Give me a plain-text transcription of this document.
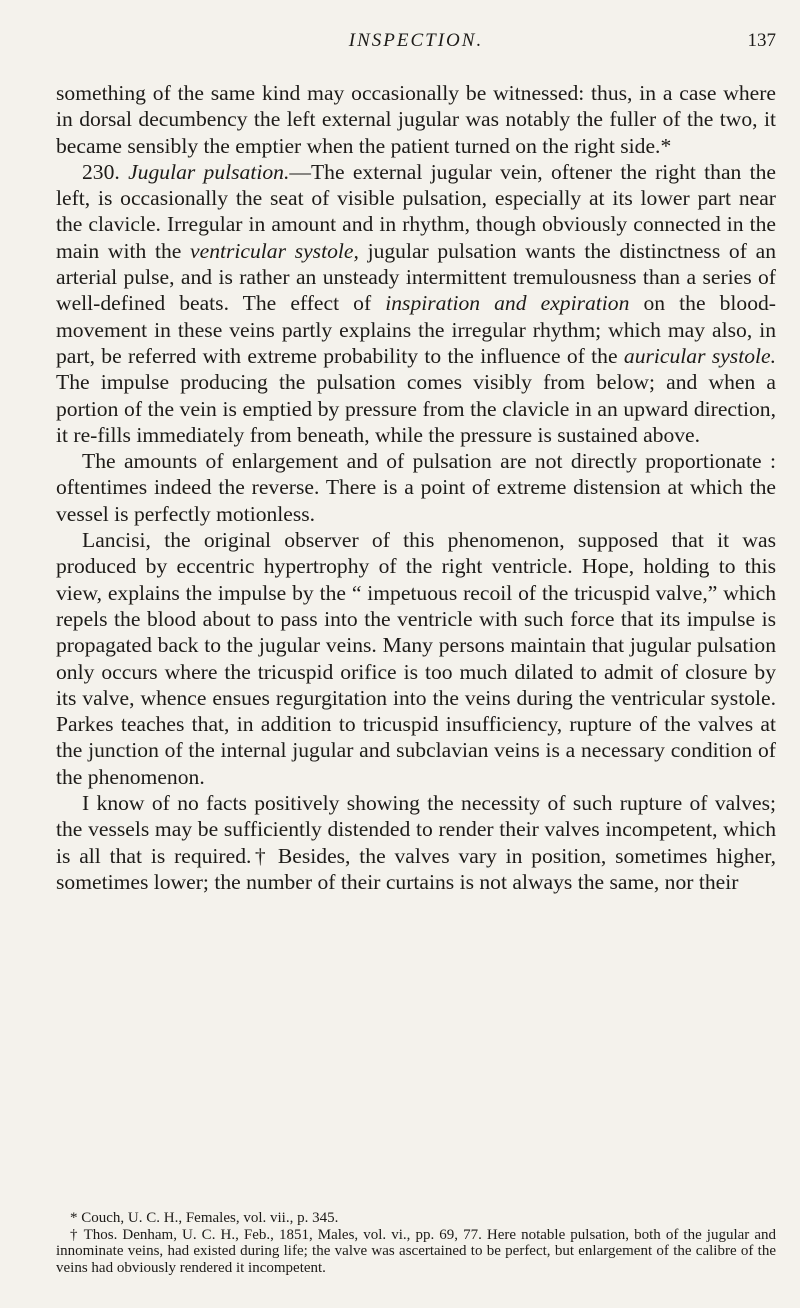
INSPECTION.	137

something of the same kind may occasionally be witnessed: thus, in a case where in dorsal decumbency the left external jugular was notably the fuller of the two, it became sensibly the emptier when the patient turned on the right side.*

230. Jugular pulsation.—The external jugular vein, oftener the right than the left, is occasionally the seat of visible pulsation, especially at its lower part near the clavicle. Irregular in amount and in rhythm, though obviously connected in the main with the ventricular systole, jugular pulsation wants the distinctness of an arterial pulse, and is rather an unsteady intermittent tremulousness than a series of well-defined beats. The effect of inspiration and expiration on the blood-movement in these veins partly explains the irregular rhythm; which may also, in part, be referred with extreme probability to the influence of the auricular systole. The impulse producing the pulsation comes visibly from below; and when a portion of the vein is emptied by pressure from the clavicle in an upward direction, it re-fills immediately from beneath, while the pressure is sustained above.

The amounts of enlargement and of pulsation are not directly proportionate : oftentimes indeed the reverse. There is a point of extreme distension at which the vessel is perfectly motionless.

Lancisi, the original observer of this phenomenon, supposed that it was produced by eccentric hypertrophy of the right ventricle. Hope, holding to this view, explains the impulse by the “ impetuous recoil of the tricuspid valve,” which repels the blood about to pass into the ventricle with such force that its impulse is propagated back to the jugular veins. Many persons maintain that jugular pulsation only occurs where the tricuspid orifice is too much dilated to admit of closure by its valve, whence ensues regurgitation into the veins during the ventricular systole. Parkes teaches that, in addition to tricuspid insufficiency, rupture of the valves at the junction of the internal jugular and subclavian veins is a necessary condition of the phenomenon.

I know of no facts positively showing the necessity of such rupture of valves; the vessels may be sufficiently distended to render their valves incompetent, which is all that is required.† Besides, the valves vary in position, sometimes higher, sometimes lower; the number of their curtains is not always the same, nor their

* Couch, U. C. H., Females, vol. vii., p. 345.

† Thos. Denham, U. C. H., Feb., 1851, Males, vol. vi., pp. 69, 77. Here notable pulsation, both of the jugular and innominate veins, had existed during life; the valve was ascertained to be perfect, but enlargement of the calibre of the veins had obviously rendered it incompetent.
